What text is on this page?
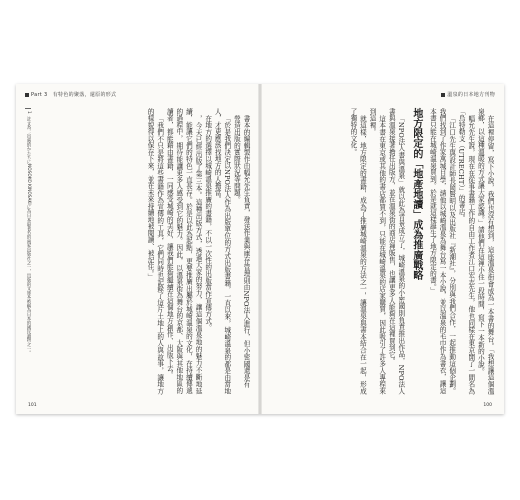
Part 3　有特色的聚落，還原的形式
1註文為：出處的かたちにNOSOKO KINOSAKIに為日本最著名的兩家出版社之一，出版的文庫本被稱為日本的國民讀物之一。	書本的編輯製作由幅允先生負責，發送作業與庫存管理則由NPO法人進行，但小密國還是有

營造出版的實際狀況等問題。

「於是我們決定以NPO法人作為出版單位的方式出版書籍，一直以來，城崎溫泉的都是由當地人，才更應該找地方的人擔當。

在地方的選擇以城崎溫泉推廣的書籍，不以一次性的出版當作宣傳方式。

，今天已經出版了第三本。這種出版方式，透過大家的努力，讓這個溫泉地的魅力不斷地延續，能讓它們的特色一直長存。於是以此為起點，更要推廣出屬於城崎溫泉的文化，在持續傳遞的過程中，期待能讓更多人感受到它的魅力。因此，以溫泉街為舞台的京都、大阪與其他地區的讀者，都能藉由書籍，一同感受城崎的美好，讓我們能夠繼續在這個地方創作、出版下去。

「我們不只是將這些書籍作為宣傳的工具，它們同時也記錄了這片土地上的人與故事，讓地方的樣貌得以保存下來，並在未來持續地被閱讀、被記住。」

101
溫泉的日本地方刊物

在這裡停留，寫下小說，我們也沒有想到，這座溫泉街會成為一本書的舞台。「我想讓這個溫泉鄉，以這種溫暖的方式讓大家認識。」請他們在這裡小住一段時間，寫下一本新的小說。

幅允先生說，現在在從事書籍工作的自由工作者江口宏志先生，他也同樣在東京開了一間名為「烏特勒支（UTRECHT）」的書店。

「江口先生與設計師長岡賢明以及出版社『新潮社』，分別與我們合作，一起推動這個企劃。我們找到了作家萬城目學，請他以城崎溫泉為舞台寫一本小說，並以溫泉的毛巾作為書衣，讓這本書只能在城崎溫泉買到。於是就這樣誕生了地方限定的書。」

地方限定的「地產地讀」成為推廣戰略

「NPO法人書與溫泉」就以此為背景成立了，城崎溫泉的小密國則負責推出作品，NPO法人書與溫泉接著擔任出版方，並在溫泉街的商店裡販售，也讓更多人能夠在這裡買到它。

這本書在東京或其他的書店都買不到，只能在城崎溫泉的店家購買，因此吸引了許多人專程來到這裡。

就這樣，地方限定的書籍，成為了推廣城崎溫泉的方法之一，讓溫泉與書本結合在一起，形成了獨特的文化。

100
